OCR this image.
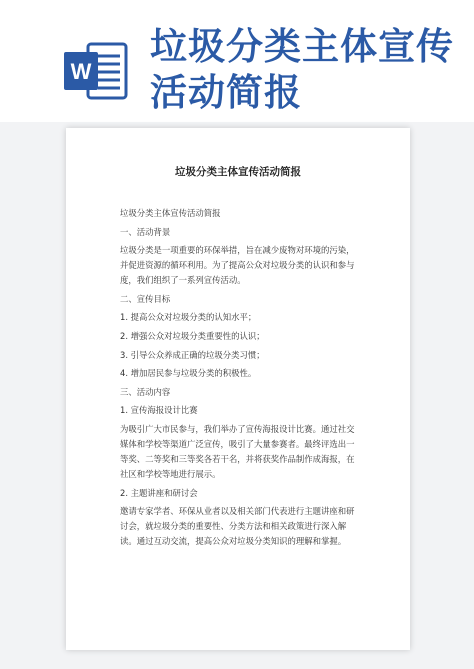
W
垃圾分类主体宣传
活动简报
垃圾分类主体宣传活动简报

垃圾分类主体宣传活动简报

一、活动背景

垃圾分类是一项重要的环保举措，旨在减少废物对环境的污染，并促进资源的循环利用。为了提高公众对垃圾分类的认识和参与度，我们组织了一系列宣传活动。

二、宣传目标

1. 提高公众对垃圾分类的认知水平；

2. 增强公众对垃圾分类重要性的认识；

3. 引导公众养成正确的垃圾分类习惯；

4. 增加居民参与垃圾分类的积极性。

三、活动内容

1. 宣传海报设计比赛

为吸引广大市民参与，我们举办了宣传海报设计比赛。通过社交媒体和学校等渠道广泛宣传，吸引了大量参赛者。最终评选出一等奖、二等奖和三等奖各若干名，并将获奖作品制作成海报，在社区和学校等地进行展示。

2. 主题讲座和研讨会

邀请专家学者、环保从业者以及相关部门代表进行主题讲座和研讨会，就垃圾分类的重要性、分类方法和相关政策进行深入解读。通过互动交流，提高公众对垃圾分类知识的理解和掌握。
